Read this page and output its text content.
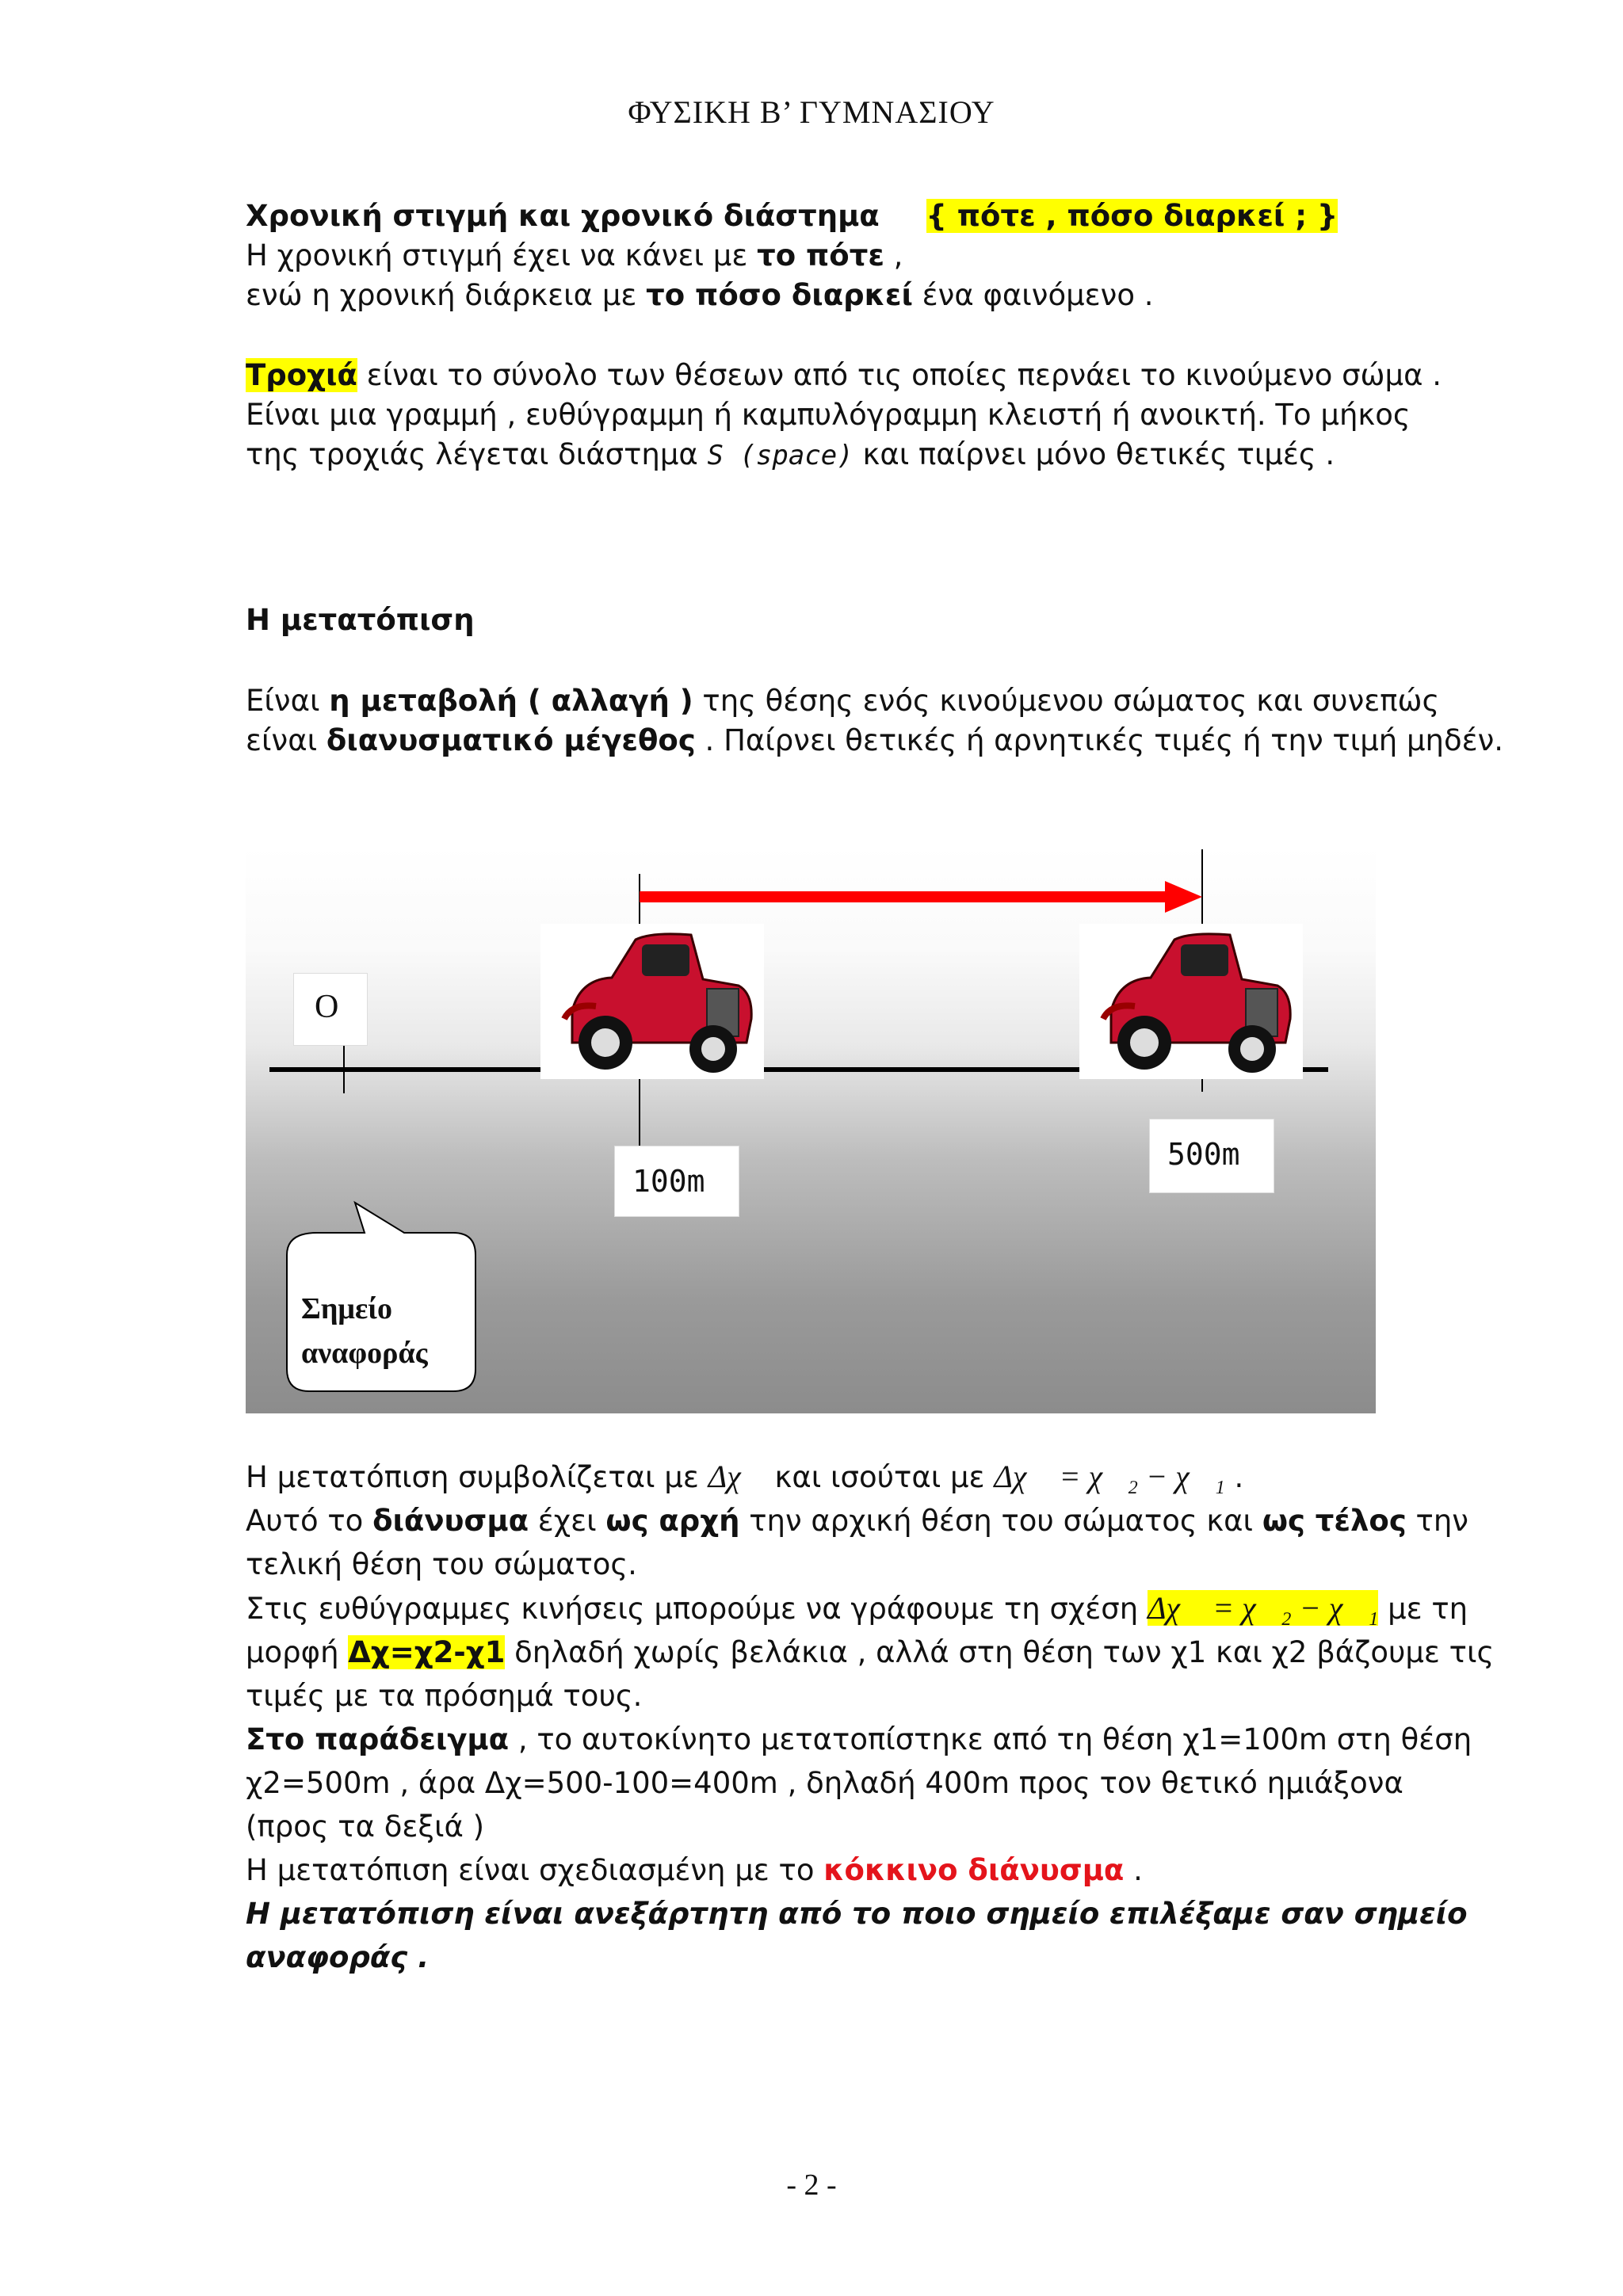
ΦΥΣΙΚΗ Β’ ΓΥΜΝΑΣΙΟΥ
Χρονική στιγμή και χρονικό διάστημα { πότε , πόσο διαρκεί ; }
Η χρονική στιγμή έχει να κάνει με το πότε ,
ενώ η χρονική διάρκεια με το πόσο διαρκεί ένα φαινόμενο .
Τροχιά είναι το σύνολο των θέσεων από τις οποίες περνάει το κινούμενο σώμα .
Είναι μια γραμμή , ευθύγραμμη ή καμπυλόγραμμη κλειστή ή ανοικτή. Το μήκος
της τροχιάς λέγεται διάστημα S (space) και παίρνει μόνο θετικές τιμές .
Η μετατόπιση
Είναι η μεταβολή ( αλλαγή ) της θέσης ενός κινούμενου σώματος και συνεπώς
είναι διανυσματικό μέγεθος . Παίρνει θετικές ή αρνητικές τιμές ή την τιμή μηδέν.
O
100m
500m
Σημείο
αναφοράς
Η μετατόπιση συμβολίζεται με Δχ⃗ και ισούται με Δχ⃗ = χ⃗₂ − χ⃗₁ .
Αυτό το διάνυσμα έχει ως αρχή την αρχική θέση του σώματος και ως τέλος την
τελική θέση του σώματος.
Στις ευθύγραμμες κινήσεις μπορούμε να γράφουμε τη σχέση Δχ⃗ = χ⃗₂ − χ⃗₁ με τη
μορφή Δχ=χ2-χ1 δηλαδή χωρίς βελάκια , αλλά στη θέση των χ1 και χ2 βάζουμε τις
τιμές με τα πρόσημά τους.
Στο παράδειγμα , το αυτοκίνητο μετατοπίστηκε από τη θέση χ1=100m στη θέση
χ2=500m , άρα Δχ=500-100=400m , δηλαδή 400m προς τον θετικό ημιάξονα
(προς τα δεξιά )
Η μετατόπιση είναι σχεδιασμένη με το κόκκινο διάνυσμα .
Η μετατόπιση είναι ανεξάρτητη από το ποιο σημείο επιλέξαμε σαν σημείο
αναφοράς .
- 2 -
